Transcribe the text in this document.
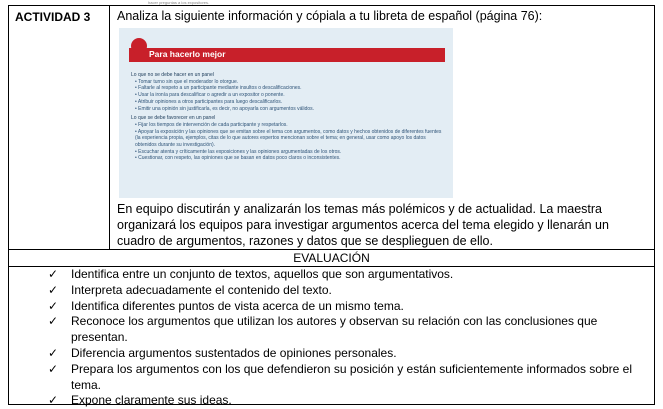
hacer preguntas a los expositores.
ACTIVIDAD 3 Analiza la siguiente información y cópiala a tu libreta de español (página 76):
Para hacerlo mejor
Lo que no se debe hacer en un panel
• Tomar turno sin que el moderador lo otorgue.
• Faltarle al respeto a un participante mediante insultos o descalificaciones.
• Usar la ironía para descalificar o agredir a un expositor o ponente.
• Atribuir opiniones a otros participantes para luego descalificarlos.
• Emitir una opinión sin justificarla, es decir, no apoyarla con argumentos válidos.
Lo que se debe favorecer en un panel
• Fijar los tiempos de intervención de cada participante y respetarlos.
• Apoyar la exposición y las opiniones que se emitan sobre el tema con argumentos, como datos y hechos obtenidos de diferentes fuentes (la experiencia propia, ejemplos, citas de lo que autores expertos mencionan sobre el tema; en general, usar como apoyo los datos obtenidos durante su investigación).
• Escuchar atenta y críticamente las exposiciones y las opiniones argumentadas de los otros.
• Cuestionar, con respeto, las opiniones que se basan en datos poco claros o inconsistentes.
En equipo discutirán y analizarán los temas más polémicos y de actualidad. La maestra organizará los equipos para investigar argumentos acerca del tema elegido y llenarán un cuadro de argumentos, razones y datos que se desplieguen de ello.
EVALUACIÓN
✓ Identifica entre un conjunto de textos, aquellos que son argumentativos.
✓ Interpreta adecuadamente el contenido del texto.
✓ Identifica diferentes puntos de vista acerca de un mismo tema.
✓ Reconoce los argumentos que utilizan los autores y observan su relación con las conclusiones que presentan.
✓ Diferencia argumentos sustentados de opiniones personales.
✓ Prepara los argumentos con los que defendieron su posición y están suficientemente informados sobre el tema.
✓ Expone claramente sus ideas.
